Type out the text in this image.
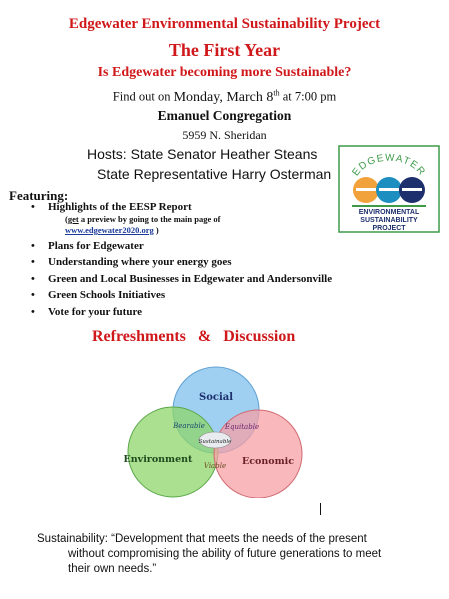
Edgewater Environmental Sustainability Project
The First Year
Is Edgewater becoming more Sustainable?
Find out on Monday, March 8th at 7:00 pm
Emanuel Congregation
5959 N. Sheridan
Hosts: State Senator Heather Steans
State Representative Harry Osterman EDGEWATER
ENVIRONMENTAL
SUSTAINABILITY
PROJECT
Featuring:
• Highlights of the EESP Report
(get a preview by going to the main page of
www.edgewater2020.org )
• Plans for Edgewater
• Understanding where your energy goes
• Green and Local Businesses in Edgewater and Andersonville
• Green Schools Initiatives
• Vote for your future
Refreshments   &   Discussion
Social
Environment	Economic
Bearable	Equitable
Viable
Sustainable
Sustainability: “Development that meets the needs of the present
without compromising the ability of future generations to meet
their own needs.”
